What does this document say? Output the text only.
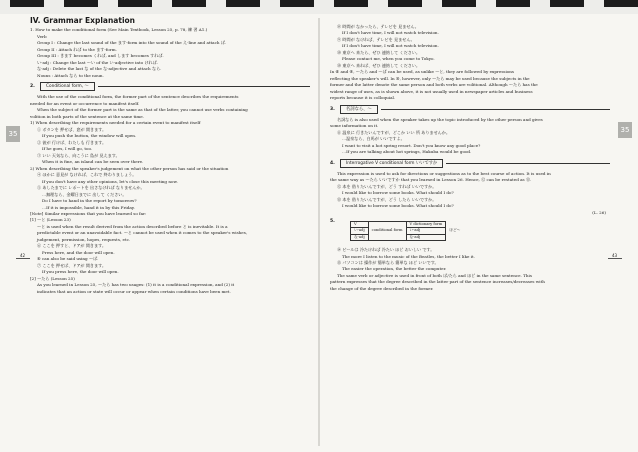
35	35
42	43
IV. Grammar Explanation

1. How to make the conditional form (See Main Textbook, Lesson 25, p. 78, 練 習 A1.)

Verb

Group I : Change the last sound of the ます-form into the sound of the え-line and attach ば.

Group II : Attach れば to the ます-form.

Group III : きます becomes くれば, and します becomes すれば.

い-adj : Change the last 〜い of the い-adjective into ければ.

な-adj : Delete the last な of the な-adjective and attach なら.

Nouns : Attach なら to the noun.

2.	Conditional form, 〜

With the use of the conditional form, the former part of the sentence describes the requirements

needed for an event or occurrence to manifest itself.

When the subject of the former part is the same as that of the latter, you cannot use verbs containing

volition in both parts of the sentence at the same time.

1) When describing the requirements needed for a certain event to manifest itself

① ボタンを 押せば、窓が 開きます。

If you push the button, the window will open.

② 彼が 行けば、わたしも 行きます。

If he goes, I will go, too.

③ いい 天気なら、向こうに 島が 見えます。

When it is fine, an island can be seen over there.

2) When describing the speaker's judgement on what the other person has said or the situation

④ ほかに 意見が なければ、これで 終わりましょう。

If you don't have any other opinions, let's close this meeting now.

⑤ あしたまでに レポートを 出さなければ なりませんか。

…無理なら、金曜日までに 出して ください。

Do I have to hand in the report by tomorrow?

…If it is impossible, hand it in by this Friday.

[Note] Similar expressions that you have learned so far:

[1] 〜と (Lesson 23)

〜と is used when the result derived from the action described before と is inevitable. It is a

predictable event or an unavoidable fact. 〜と cannot be used when it comes to the speaker's wishes,

judgement, permission, hopes, requests, etc.

⑥ ここを 押すと、ドアが 開きます。

Press here, and the door will open.

⑥ can also be said using 〜ば.

⑦ ここを 押せば、ドアが 開きます。

If you press here, the door will open.

[2] 〜たら (Lesson 25)

As you learned in Lesson 25, 〜たら has two usages: (1) it is a conditional expression, and (2) it

indicates that an action or state will occur or appear when certain conditions have been met.

⑧ 時間が なかったら、テレビを 見ません。

If I don't have time, I will not watch television.

⑨ 時間が なければ、テレビを 見ません。

If I don't have time, I will not watch television.

⑩ 東京へ 来たら、ぜひ 連絡して ください。

Please contact me, when you come to Tokyo.

⑩ 東京へ 来れば、ぜひ 連絡して ください。

In ⑧ and ⑨, 〜たら and 〜ば can be used, as unlike 〜と, they are followed by expressions

reflecting the speaker's will. In ⑩, however, only 〜たら may be used because the subjects in the

former and the latter denote the same person and both verbs are volitional. Although 〜たら has the

widest range of uses, as is shown above, it is not usually used in newspaper articles and business

reports because it is colloquial.

3.	名詞なら、〜

名詞なら is also used when the speaker takes up the topic introduced by the other person and gives

some information on it.

⑪ 温泉に 行きたいんですが、どこか いい 所 ありませんか。

…温泉なら、白馬が いいですよ。

I want to visit a hot spring resort. Don't you know any good place?

…If you are talking about hot springs, Hakuba would be good.

4.	Interrogative V conditional form いいですか

This expression is used to ask for directions or suggestions as to the best course of action. It is used in

the same way as 〜たら いいですか that you learned in Lesson 26. Hence, ⑫ can be restated as ⑬.

⑫ 本を 借りたいんですが、どう すれば いいですか。

I would like to borrow some books. What should I do?

⑬ 本を 借りたいんですが、どう したら いいですか。

I would like to borrow some books. What should I do?

(L. 26)

5.	V	conditional form	V dictionary form	ほど〜
い-adj		い-adj	
な-adj		な-adj	

⑭ ビールは 冷たければ 冷たい ほど おいしい です。

The more I listen to the music of the Beatles, the better I like it.

⑮ パソコンは 操作が 簡単なら 簡単な ほど いいです。

The easier the operation, the better the computer.

The same verb or adjective is used in front of both ば/たら and ほど in the same sentence. This

pattern expresses that the degree described in the latter part of the sentence increases/decreases with

the change of the degree described in the former.
